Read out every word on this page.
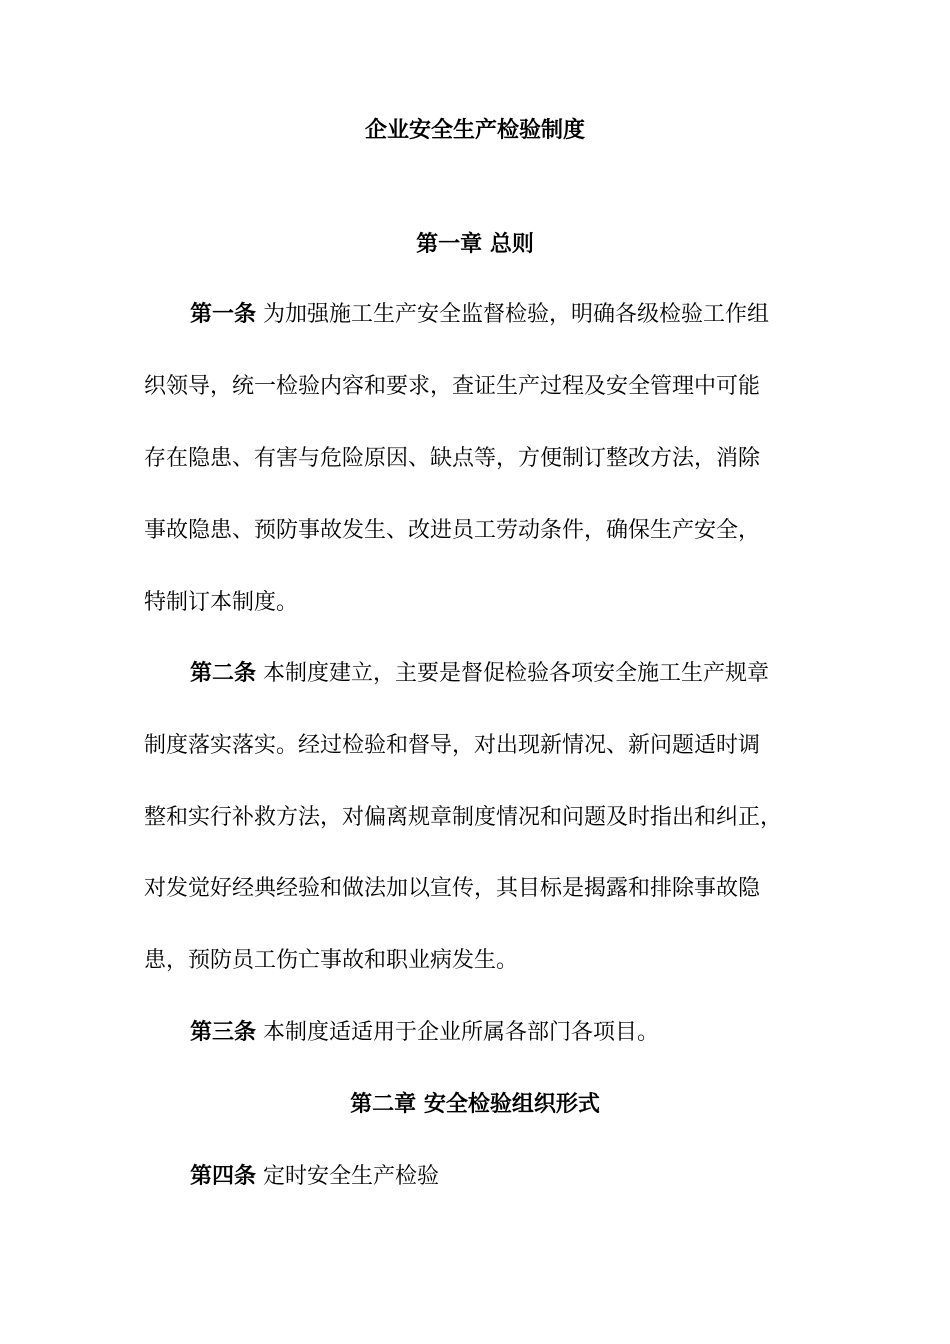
企业安全生产检验制度
第一章 总则
第一条 为加强施工生产安全监督检验，明确各级检验工作组
织领导，统一检验内容和要求，查证生产过程及安全管理中可能
存在隐患、有害与危险原因、缺点等，方便制订整改方法，消除
事故隐患、预防事故发生、改进员工劳动条件，确保生产安全，
特制订本制度。
第二条 本制度建立，主要是督促检验各项安全施工生产规章
制度落实落实。经过检验和督导，对出现新情况、新问题适时调
整和实行补救方法，对偏离规章制度情况和问题及时指出和纠正，
对发觉好经典经验和做法加以宣传，其目标是揭露和排除事故隐
患，预防员工伤亡事故和职业病发生。
第三条 本制度适适用于企业所属各部门各项目。
第二章 安全检验组织形式
第四条 定时安全生产检验
